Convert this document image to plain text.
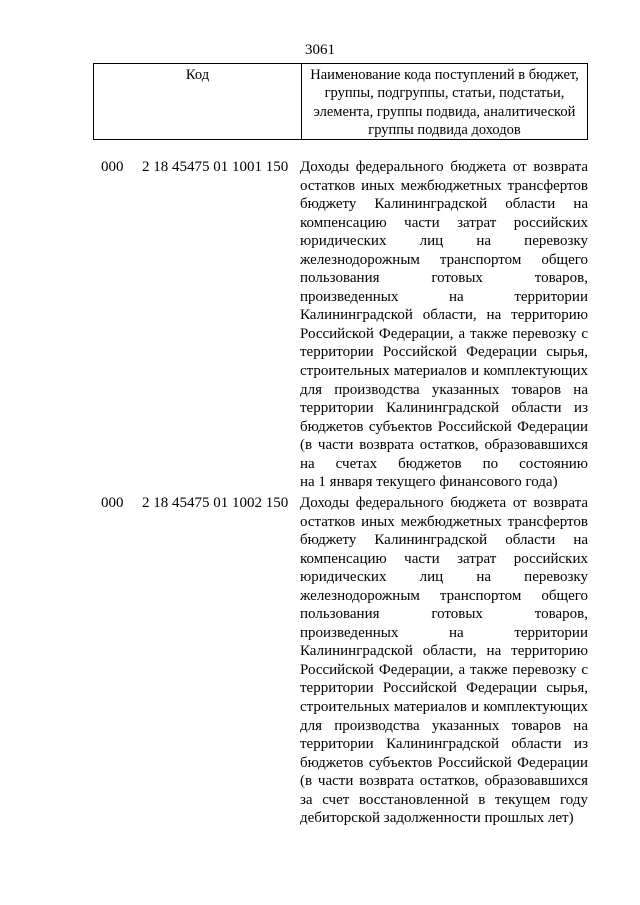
3061
Код	Наименование кода поступлений в бюджет,
группы, подгруппы, статьи, подстатьи,
элемента, группы подвида, аналитической
группы подвида доходов
000	2 18 45475 01 1001 150 Доходы федерального бюджета от возврата
остатков иных межбюджетных трансфертов
бюджету Калининградской области на
компенсацию части затрат российских
юридических лиц на перевозку
железнодорожным транспортом общего
пользования готовых товаров,
произведенных на территории
Калининградской области, на территорию
Российской Федерации, а также перевозку с
территории Российской Федерации сырья,
строительных материалов и комплектующих
для производства указанных товаров на
территории Калининградской области из
бюджетов субъектов Российской Федерации
(в части возврата остатков, образовавшихся
на счетах бюджетов по состоянию
на 1 января текущего финансового года)
000	2 18 45475 01 1002 150 Доходы федерального бюджета от возврата
остатков иных межбюджетных трансфертов
бюджету Калининградской области на
компенсацию части затрат российских
юридических лиц на перевозку
железнодорожным транспортом общего
пользования готовых товаров,
произведенных на территории
Калининградской области, на территорию
Российской Федерации, а также перевозку с
территории Российской Федерации сырья,
строительных материалов и комплектующих
для производства указанных товаров на
территории Калининградской области из
бюджетов субъектов Российской Федерации
(в части возврата остатков, образовавшихся
за счет восстановленной в текущем году
дебиторской задолженности прошлых лет)
